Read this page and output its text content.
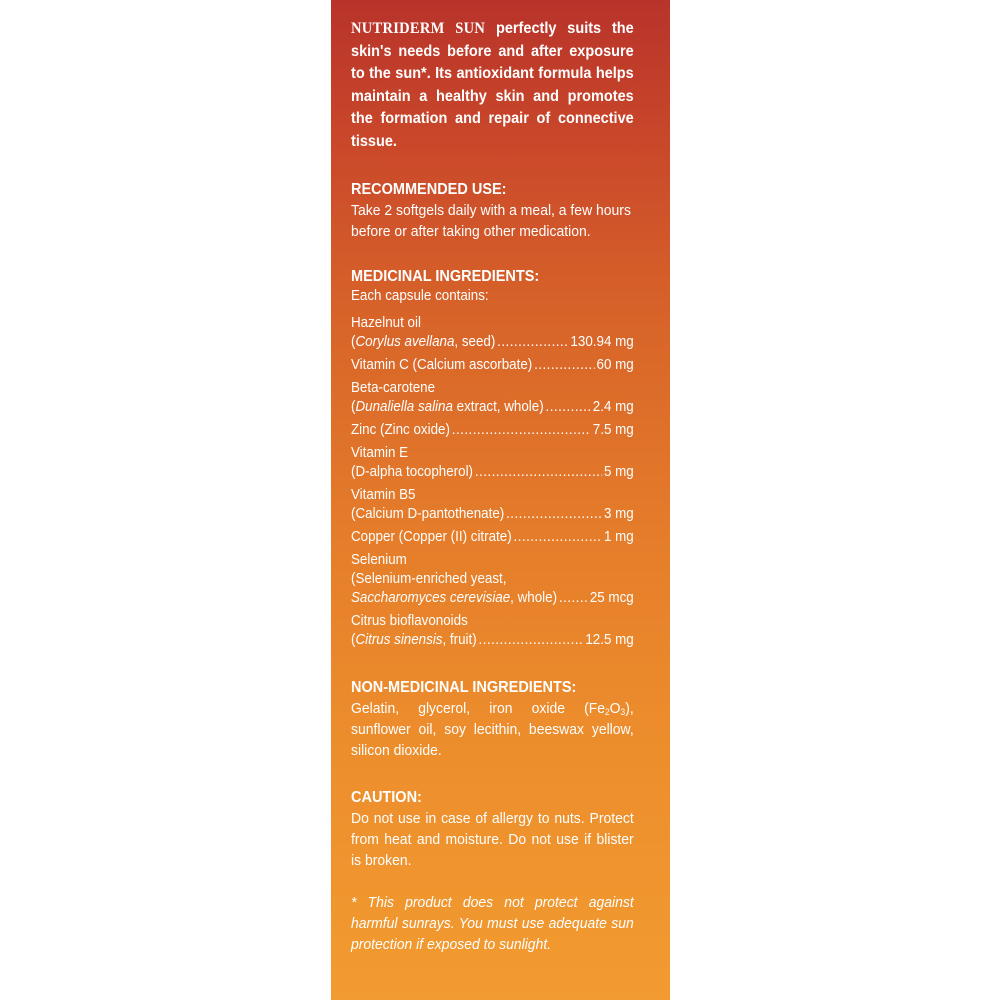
NUTRIDERM SUN perfectly suits the skin's needs before and after exposure to the sun*. Its antioxidant formula helps maintain a healthy skin and promotes the formation and repair of connective tissue.

RECOMMENDED USE:

Take 2 softgels daily with a meal, a few hours before or after taking other medication.

MEDICINAL INGREDIENTS:

Each capsule contains:

Hazelnut oil
(Corylus avellana, seed) .....	130.94 mg
Vitamin C (Calcium ascorbate) .....	60 mg
Beta-carotene
(Dunaliella salina extract, whole) .....	2.4 mg
Zinc (Zinc oxide) .....	7.5 mg
Vitamin E
(D-alpha tocopherol) .....	5 mg
Vitamin B5
(Calcium D-pantothenate) .....	3 mg
Copper (Copper (II) citrate) .....	1 mg
Selenium
(Selenium-enriched yeast,
Saccharomyces cerevisiae, whole) ..... 25 mcg
Citrus bioflavonoids
(Citrus sinensis, fruit) .....	12.5 mg

NON-MEDICINAL INGREDIENTS:

Gelatin, glycerol, iron oxide $(Fe_2O_3)$, sunflower oil, soy lecithin, beeswax yellow, silicon dioxide.

CAUTION:

Do not use in case of allergy to nuts. Protect from heat and moisture. Do not use if blister is broken.

* This product does not protect against harmful sunrays. You must use adequate sun protection if exposed to sunlight.
